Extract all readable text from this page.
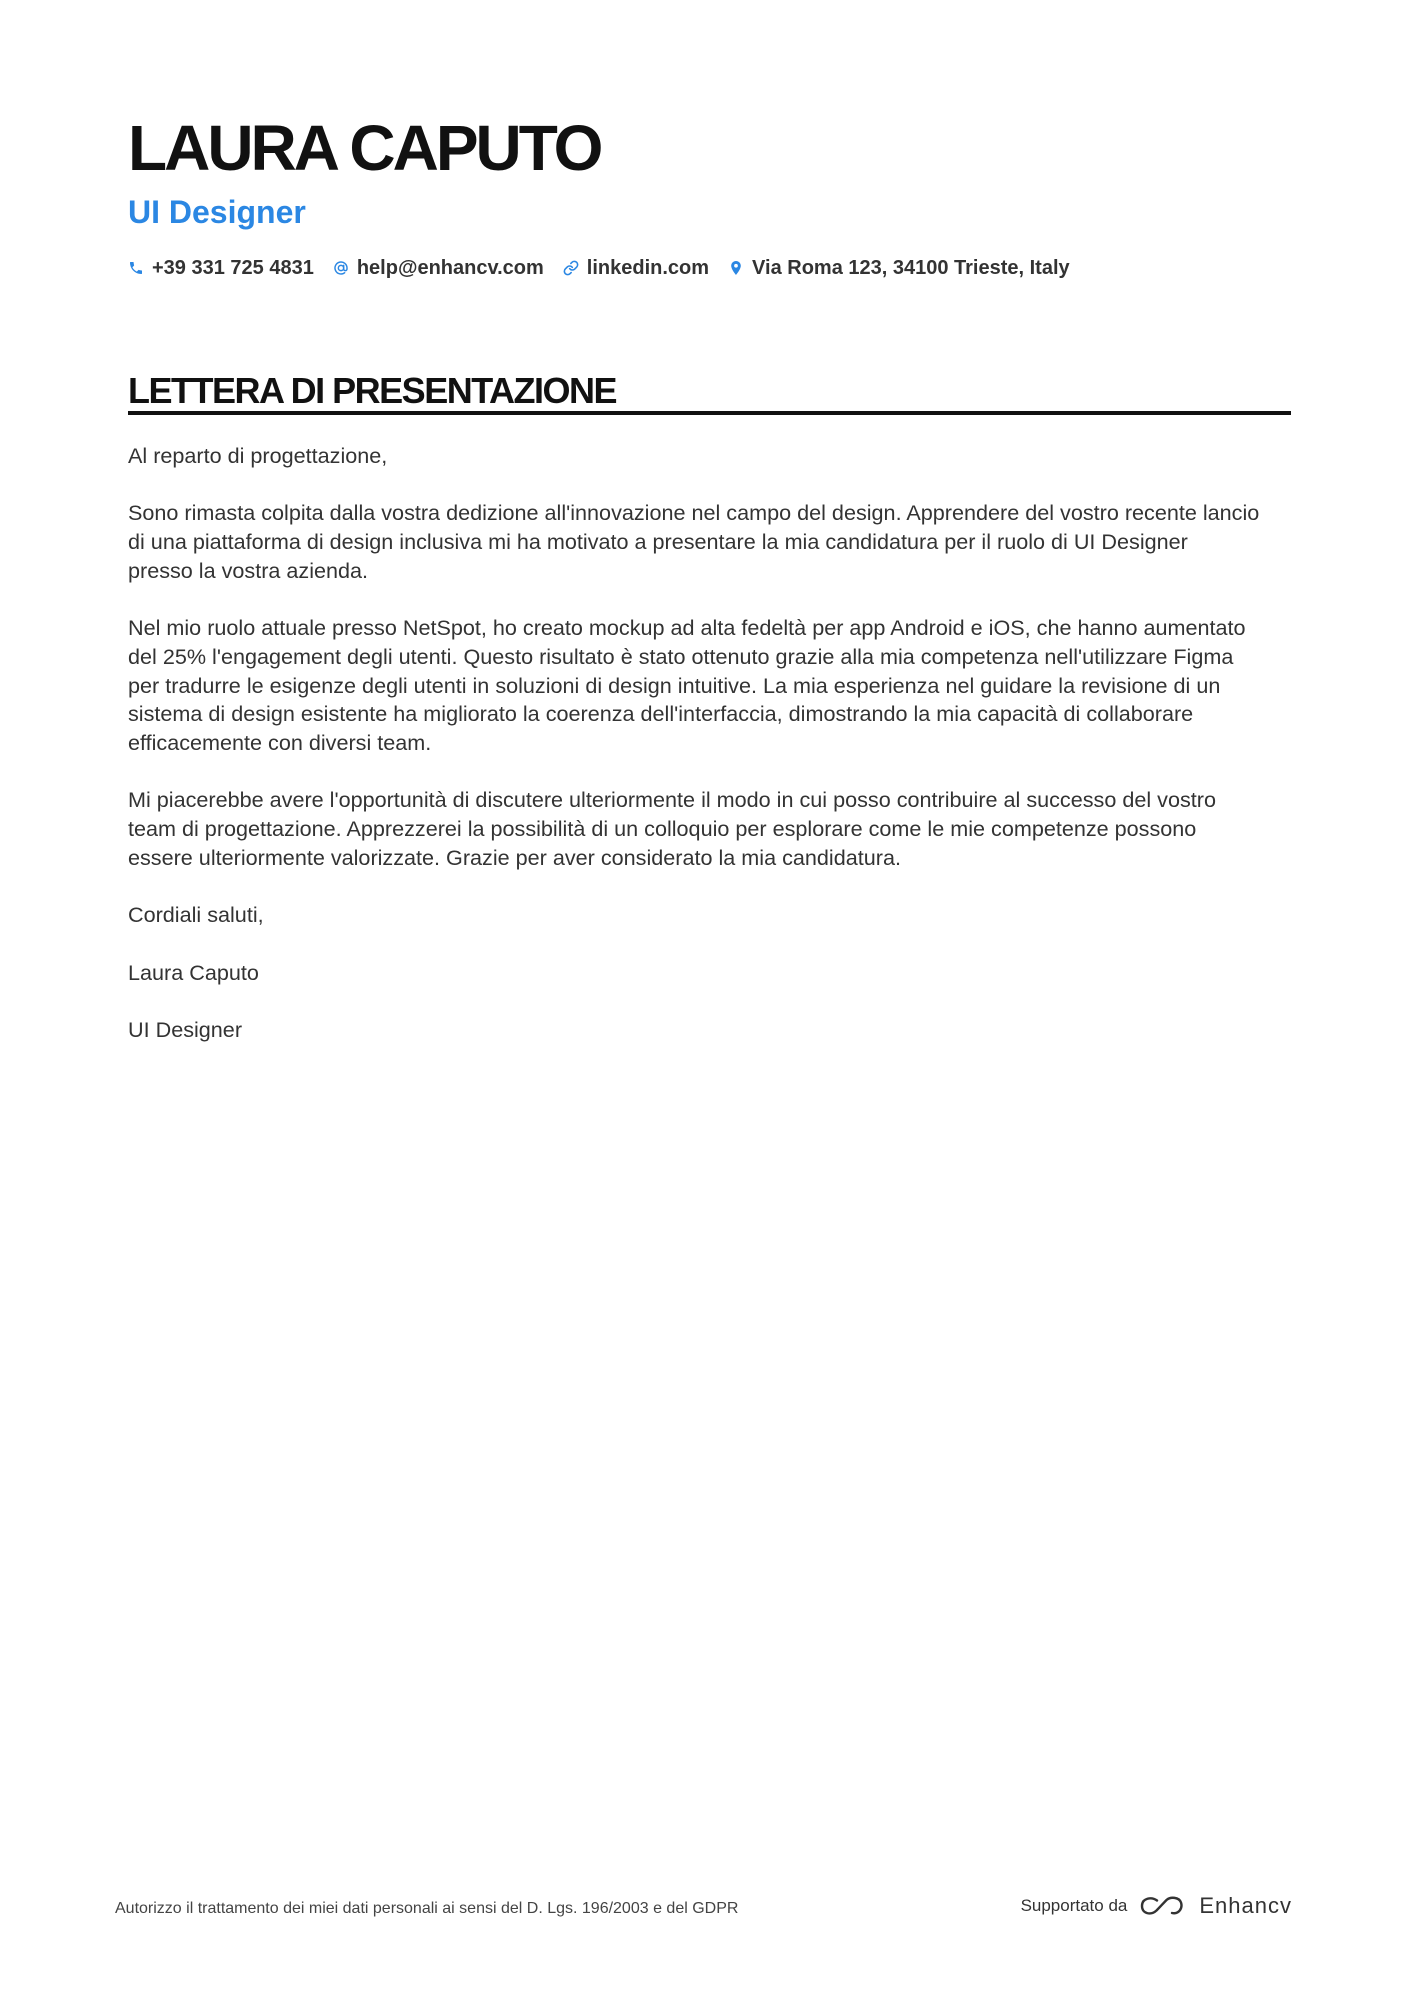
LAURA CAPUTO
UI Designer
+39 331 725 4831 help@enhancv.com linkedin.com Via Roma 123, 34100 Trieste, Italy
LETTERA DI PRESENTAZIONE

Al reparto di progettazione,

Sono rimasta colpita dalla vostra dedizione all'innovazione nel campo del design. Apprendere del vostro recente lancio
di una piattaforma di design inclusiva mi ha motivato a presentare la mia candidatura per il ruolo di UI Designer
presso la vostra azienda.

Nel mio ruolo attuale presso NetSpot, ho creato mockup ad alta fedeltà per app Android e iOS, che hanno aumentato
del 25% l'engagement degli utenti. Questo risultato è stato ottenuto grazie alla mia competenza nell'utilizzare Figma
per tradurre le esigenze degli utenti in soluzioni di design intuitive. La mia esperienza nel guidare la revisione di un
sistema di design esistente ha migliorato la coerenza dell'interfaccia, dimostrando la mia capacità di collaborare
efficacemente con diversi team.

Mi piacerebbe avere l'opportunità di discutere ulteriormente il modo in cui posso contribuire al successo del vostro
team di progettazione. Apprezzerei la possibilità di un colloquio per esplorare come le mie competenze possono
essere ulteriormente valorizzate. Grazie per aver considerato la mia candidatura.

Cordiali saluti,

Laura Caputo

UI Designer

Autorizzo il trattamento dei miei dati personali ai sensi del D. Lgs. 196/2003 e del GDPR	Supportato da	Enhancv
